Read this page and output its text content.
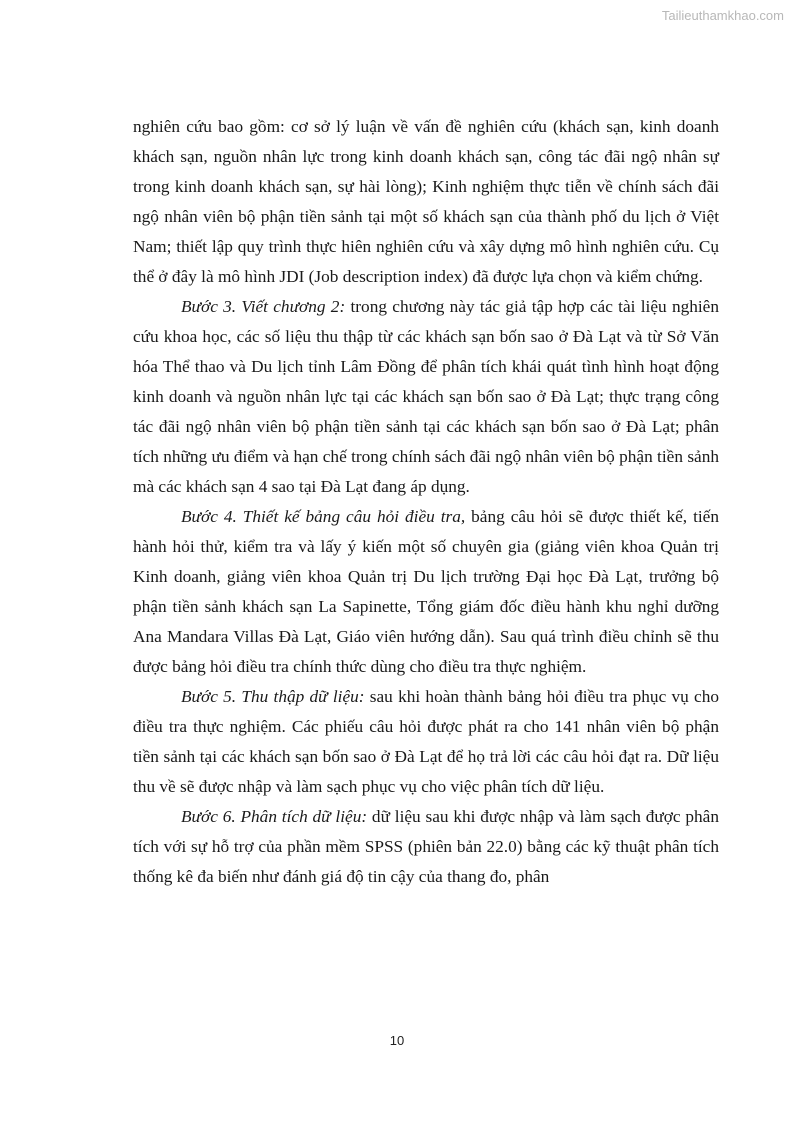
Tailieuthamkhao.com

nghiên cứu bao gồm: cơ sở lý luận về vấn đề nghiên cứu (khách sạn, kinh doanh khách sạn, nguồn nhân lực trong kinh doanh khách sạn, công tác đãi ngộ nhân sự trong kinh doanh khách sạn, sự hài lòng); Kinh nghiệm thực tiễn về chính sách đãi ngộ nhân viên bộ phận tiền sảnh tại một số khách sạn của thành phố du lịch ở Việt Nam; thiết lập quy trình thực hiên nghiên cứu và xây dựng mô hình nghiên cứu. Cụ thể ở đây là mô hình JDI (Job description index) đã được lựa chọn và kiểm chứng.

Bước 3. Viết chương 2: trong chương này tác giả tập hợp các tài liệu nghiên cứu khoa học, các số liệu thu thập từ các khách sạn bốn sao ở Đà Lạt và từ Sở Văn hóa Thể thao và Du lịch tỉnh Lâm Đồng để phân tích khái quát tình hình hoạt động kinh doanh và nguồn nhân lực tại các khách sạn bốn sao ở Đà Lạt; thực trạng công tác đãi ngộ nhân viên bộ phận tiền sảnh tại các khách sạn bốn sao ở Đà Lạt; phân tích những ưu điểm và hạn chế trong chính sách đãi ngộ nhân viên bộ phận tiền sảnh mà các khách sạn 4 sao tại Đà Lạt đang áp dụng.

Bước 4. Thiết kế bảng câu hỏi điều tra, bảng câu hỏi sẽ được thiết kế, tiến hành hỏi thử, kiểm tra và lấy ý kiến một số chuyên gia (giảng viên khoa Quản trị Kinh doanh, giảng viên khoa Quản trị Du lịch trường Đại học Đà Lạt, trưởng bộ phận tiền sảnh khách sạn La Sapinette, Tổng giám đốc điều hành khu nghỉ dưỡng Ana Mandara Villas Đà Lạt, Giáo viên hướng dẫn). Sau quá trình điều chỉnh sẽ thu được bảng hỏi điều tra chính thức dùng cho điều tra thực nghiệm.

Bước 5. Thu thập dữ liệu: sau khi hoàn thành bảng hỏi điều tra phục vụ cho điều tra thực nghiệm. Các phiếu câu hỏi được phát ra cho 141 nhân viên bộ phận tiền sảnh tại các khách sạn bốn sao ở Đà Lạt để họ trả lời các câu hỏi đạt ra. Dữ liệu thu về sẽ được nhập và làm sạch phục vụ cho việc phân tích dữ liệu.

Bước 6. Phân tích dữ liệu: dữ liệu sau khi được nhập và làm sạch được phân tích với sự hỗ trợ của phần mềm SPSS (phiên bản 22.0) bằng các kỹ thuật phân tích thống kê đa biến như đánh giá độ tin cậy của thang đo, phân

10
